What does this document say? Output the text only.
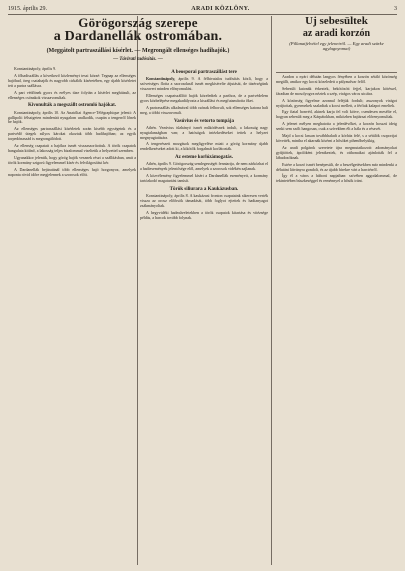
1915. április 29.	ARADI KÖZLÖNY.	3
Görögország szerepe
a Dardanellák ostromában.
(Meggátolt partraszállási kísérlet. — Megrongált ellenséges hadihajók.)
— Távirati tudósítás. —

Konstantinápoly, április 9.

A főhadiszállás a következő közleményt teszi közzé: Tegnap az ellenséges hajóhad, öreg csatahajók és nagyobb cirkálók kíséretében, egy újabb kísérletet tett a partra szállásra.

A part védőinek gyors és erélyes tüze folytán a kísérlet meghiúsult, az ellenséges csónakok visszavonultak.

Kivonulták a megszállt ostromló hajókat.

Konstantinápoly, április 10. Az Anatóliai Agence-Télégraphique jelenti: A gallipolii félszigeten mindenütt nyugalom uralkodik, csupán a tengerről lőnek be hajók.

Az ellenséges partraszállási kísérletek során kisebb egységeink és a partvédő ütegek súlyos károkat okoztak több hadihajóban; az egyik torpedónaszád is megrongálódott.

Az ellenség csapatait a hajókra ismét visszaszorítottuk. A török csapatok hangulata kitűnő, a lakosság teljes bizalommal viseltetik a helyzettel szemben.

Ugyanakkor jelentik, hogy görög hajók vesznek részt a szállításban, amit a török kormány szigorú figyelemmel kísér és felvilágosítást kér.

A Dardanellák bejáratánál több ellenséges hajó horgonyoz, amelyek naponta rövid időre megjelennek a szorosok előtt.

A beosporai partraszállást tere

Konstantinápoly, április 9. A félhivatalos tudósítás közli, hogy a szövetséges flotta a szorosoknál ismét megkísérelte átjutását, de tüzérségünk visszavert minden előnyomulást.

Ellenséges csapatszállító hajók közeledtek a parthoz, de a partvédelem gyors közbelépése megakadályozta a kiszállást és megfutamította őket.

A partraszállás alkalmával több csónak felborult, sok ellenséges katona halt meg, a többi visszavonult.

Vasúvius és vetorto tompája

Athén. Vezúvius tűzhányó ismét működésnek indult, a lakosság nagy nyugtalanságban van; a hatóságok intézkedéseket tettek a helyzet megnyugtatására.

A tengerészeti mozgások megfigyelése miatt a görög kormány újabb rendelkezéseket adott ki, a kikötők forgalmát korlátozták.

Az esteme korlózámogatás.

Athén, április 9. Görögország semlegességét fenntartja, de nem zárkózhat el a hadiesemények jelentősége elől, amelyek a szorosok vidékén zajlanak.

A közvélemény figyelemmel kíséri a Dardanellák eseményeit, a kormány tartózkodó magatartást tanúsít.

Török siliurara a Kaukázusban.

Konstantinápoly, április 8. A kaukázusi fronton csapataink sikeresen verték vissza az orosz előőrsök támadását, több foglyot ejtettek és hadianyagot zsákmányoltak.

A hegyvidéki hadműveletekben a török csapatok kitartása és vitézsége példás, a harcok tovább folynak.

Uj sebesültek
az aradi korzón
(Pillanatfelvétel egy jelenetről. — Egy aradi szürke agylagnyomat)

Aradon a nyári délután langyos fényében a korzón sétáló közönség megállt, amikor egy kocsi közeledett a pályaudvar felől.

Sebesült katonák érkeztek, bekötözött fejjel, karjukon kötéssel, fáradtan de mosolyogva néztek a szép, virágos város utcáira.

A közönség figyelme azonnal feléjük fordult; asszonyok virágot nyújtottak, gyermekek szaladtak a kocsi mellett, a férfiak kalapot emeltek.

Egy fiatal honvéd, akinek karja fel volt kötve, csendesen mesélte el, hogyan sebesült meg a Kárpátokban, miközben bajtársai előrenyomultak.

A jelenet mélyen meghatotta a jelenlévőket, a korzón hosszú ideig senki sem szólt hangosan, csak a szívekben élt a hála és a részvét.

Majd a kocsi lassan továbbhaladt a kórház felé, s a sétálók csoportjai követték, mintha el akarnák kísérni a hősöket pihenőhelyükig.

Az aradi polgárok szeretete újra megmutatkozott: adományokat gyűjtöttek, ápolóként jelentkeztek, és otthonaikat ajánlották fel a lábadozóknak.

Estére a korzó ismét benépesült, de a beszélgetésekben már mindenki a délutáni látványra gondolt, és az újabb hírekre várt a harctérről.

Így él a város a háború napjaiban: szívében aggodalommal, de tekintetében büszkeséggel és reménnyel a hősök iránt.
